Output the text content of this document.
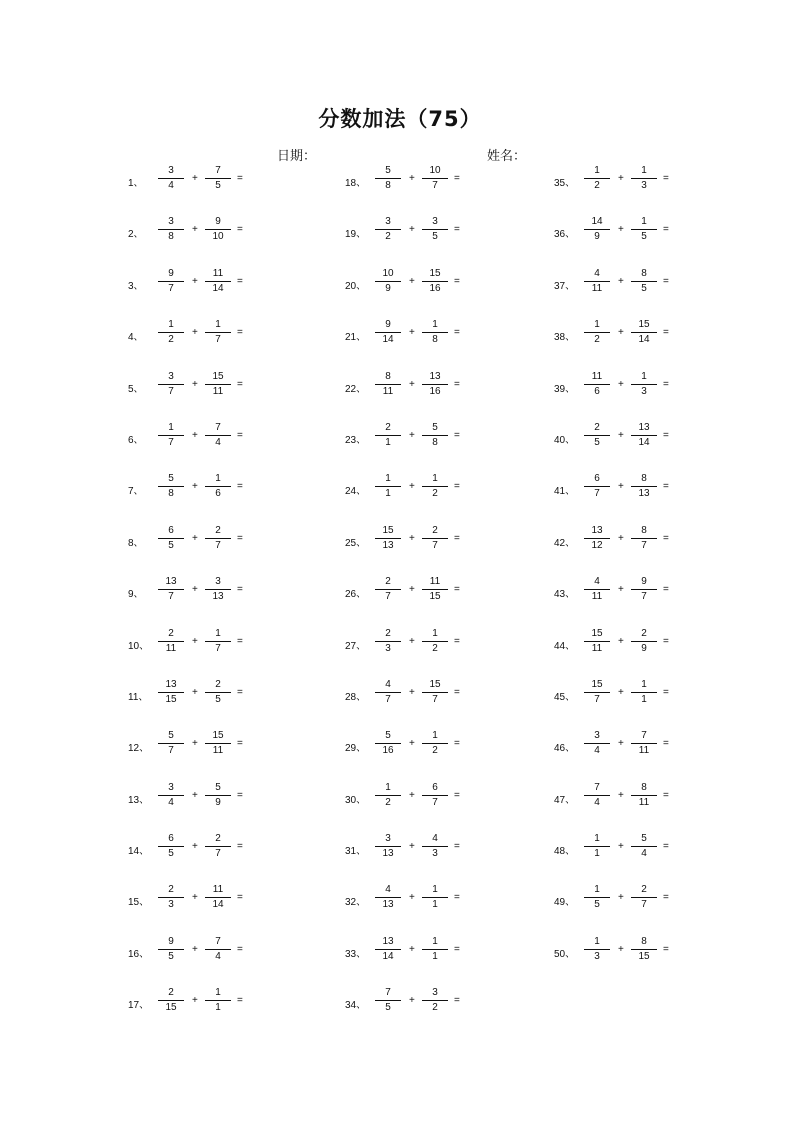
分数加法（75）
日期：	姓名：
1、
3
4
+
7
5
=
2、
3
8
+
9
10
=
3、
9
7
+
11
14
=
4、
1
2
+
1
7
=
5、
3
7
+
15
11
=
6、
1
7
+
7
4
=
7、
5
8
+
1
6
=
8、
6
5
+
2
7
=
9、
13
7
+
3
13
=
10、
2
11
+
1
7
=
11、
13
15
+
2
5
=
12、
5
7
+
15
11
=
13、
3
4
+
5
9
=
14、
6
5
+
2
7
=
15、
2
3
+
11
14
=
16、
9
5
+
7
4
=
17、
2
15
+
1
1
=
18、
5
8
+
10
7
=
19、
3
2
+
3
5
=
20、
10
9
+
15
16
=
21、
9
14
+
1
8
=
22、
8
11
+
13
16
=
23、
2
1
+
5
8
=
24、
1
1
+
1
2
=
25、
15
13
+
2
7
=
26、
2
7
+
11
15
=
27、
2
3
+
1
2
=
28、
4
7
+
15
7
=
29、
5
16
+
1
2
=
30、
1
2
+
6
7
=
31、
3
13
+
4
3
=
32、
4
13
+
1
1
=
33、
13
14
+
1
1
=
34、
7
5
+
3
2
=
35、
1
2
+
1
3
=
36、
14
9
+
1
5
=
37、
4
11
+
8
5
=
38、
1
2
+
15
14
=
39、
11
6
+
1
3
=
40、
2
5
+
13
14
=
41、
6
7
+
8
13
=
42、
13
12
+
8
7
=
43、
4
11
+
9
7
=
44、
15
11
+
2
9
=
45、
15
7
+
1
1
=
46、
3
4
+
7
11
=
47、
7
4
+
8
11
=
48、
1
1
+
5
4
=
49、
1
5
+
2
7
=
50、
1
3
+
8
15
=
